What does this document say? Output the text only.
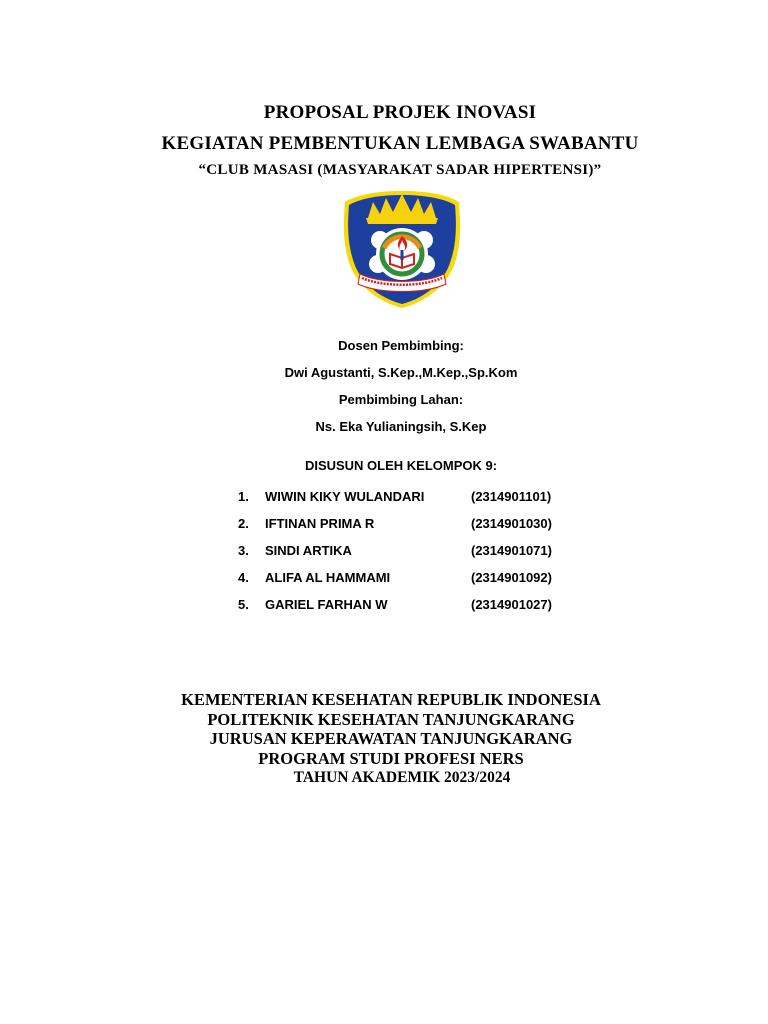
PROPOSAL PROJEK INOVASI
KEGIATAN PEMBENTUKAN LEMBAGA SWABANTU
“CLUB MASASI (MASYARAKAT SADAR HIPERTENSI)”
Dosen Pembimbing:
Dwi Agustanti, S.Kep.,M.Kep.,Sp.Kom
Pembimbing Lahan:
Ns. Eka Yulianingsih, S.Kep
DISUSUN OLEH KELOMPOK 9:
1. WIWIN KIKY WULANDARI	(2314901101)
2. IFTINAN PRIMA R	(2314901030)
3. SINDI ARTIKA	(2314901071)
4. ALIFA AL HAMMAMI	(2314901092)
5. GARIEL FARHAN W	(2314901027)
KEMENTERIAN KESEHATAN REPUBLIK INDONESIA
POLITEKNIK KESEHATAN TANJUNGKARANG
JURUSAN KEPERAWATAN TANJUNGKARANG
PROGRAM STUDI PROFESI NERS
TAHUN AKADEMIK 2023/2024
